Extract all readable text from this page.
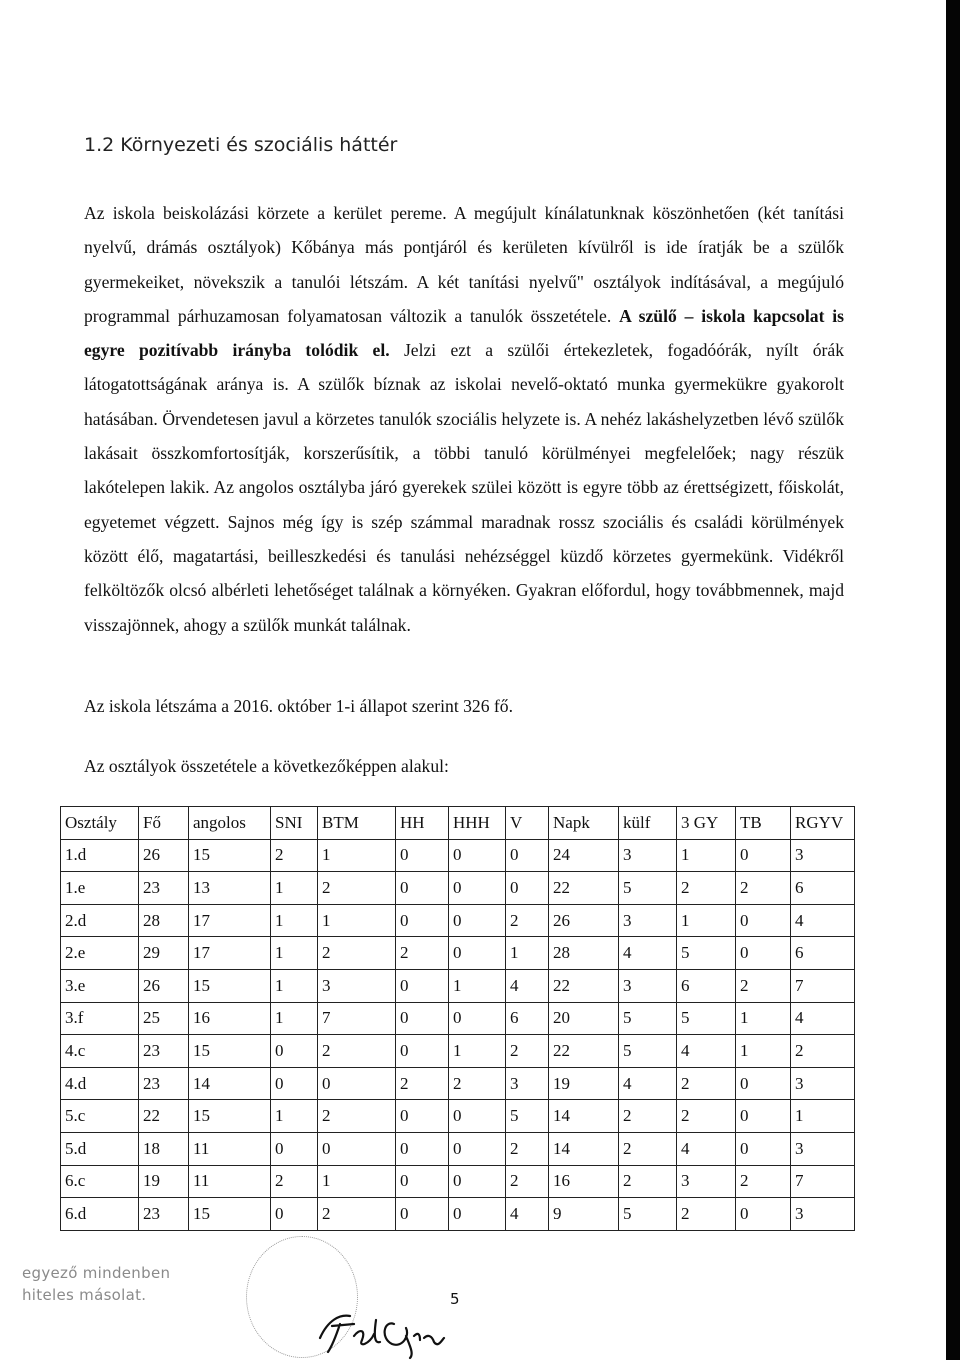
1.2 Környezeti és szociális háttér

Az iskola beiskolázási körzete a kerület pereme. A megújult kínálatunknak köszönhetően (két tanítási nyelvű, drámás osztályok) Kőbánya más pontjáról és kerületen kívülről is ide íratják be a szülők gyermekeiket, növekszik a tanulói létszám. A két tanítási nyelvű" osztályok indításával, a megújuló programmal párhuzamosan folyamatosan változik a tanulók összetétele. A szülő – iskola kapcsolat is egyre pozitívabb irányba tolódik el. Jelzi ezt a szülői értekezletek, fogadóórák, nyílt órák látogatottságának aránya is. A szülők bíznak az iskolai nevelő-oktató munka gyermekükre gyakorolt hatásában. Örvendetesen javul a körzetes tanulók szociális helyzete is. A nehéz lakáshelyzetben lévő szülők lakásait összkomfortosítják, korszerűsítik, a többi tanuló körülményei megfelelőek; nagy részük lakótelepen lakik. Az angolos osztályba járó gyerekek szülei között is egyre több az érettségizett, főiskolát, egyetemet végzett. Sajnos még így is szép számmal maradnak rossz szociális és családi körülmények között élő, magatartási, beilleszkedési és tanulási nehézséggel küzdő körzetes gyermekünk. Vidékről felköltözők olcsó albérleti lehetőséget találnak a környéken. Gyakran előfordul, hogy továbbmennek, majd visszajönnek, ahogy a szülők munkát találnak.

Az iskola létszáma a 2016. október 1-i állapot szerint 326 fő.

Az osztályok összetétele a következőképpen alakul:

Osztály	Fő	angolos	SNI	BTM	HH	HHH	V	Napk	külf	3 GY	TB	RGYV
1.d	26	15	2	1	0	0	0	24	3	1	0	3
1.e	23	13	1	2	0	0	0	22	5	2	2	6
2.d	28	17	1	1	0	0	2	26	3	1	0	4
2.e	29	17	1	2	2	0	1	28	4	5	0	6
3.e	26	15	1	3	0	1	4	22	3	6	2	7
3.f	25	16	1	7	0	0	6	20	5	5	1	4
4.c	23	15	0	2	0	1	2	22	5	4	1	2
4.d	23	14	0	0	2	2	3	19	4	2	0	3
5.c	22	15	1	2	0	0	5	14	2	2	0	1
5.d	18	11	0	0	0	0	2	14	2	4	0	3
6.c	19	11	2	1	0	0	2	16	2	3	2	7
6.d	23	15	0	2	0	0	4	9	5	2	0	3
egyező mindenben
hiteles másolat.	5
